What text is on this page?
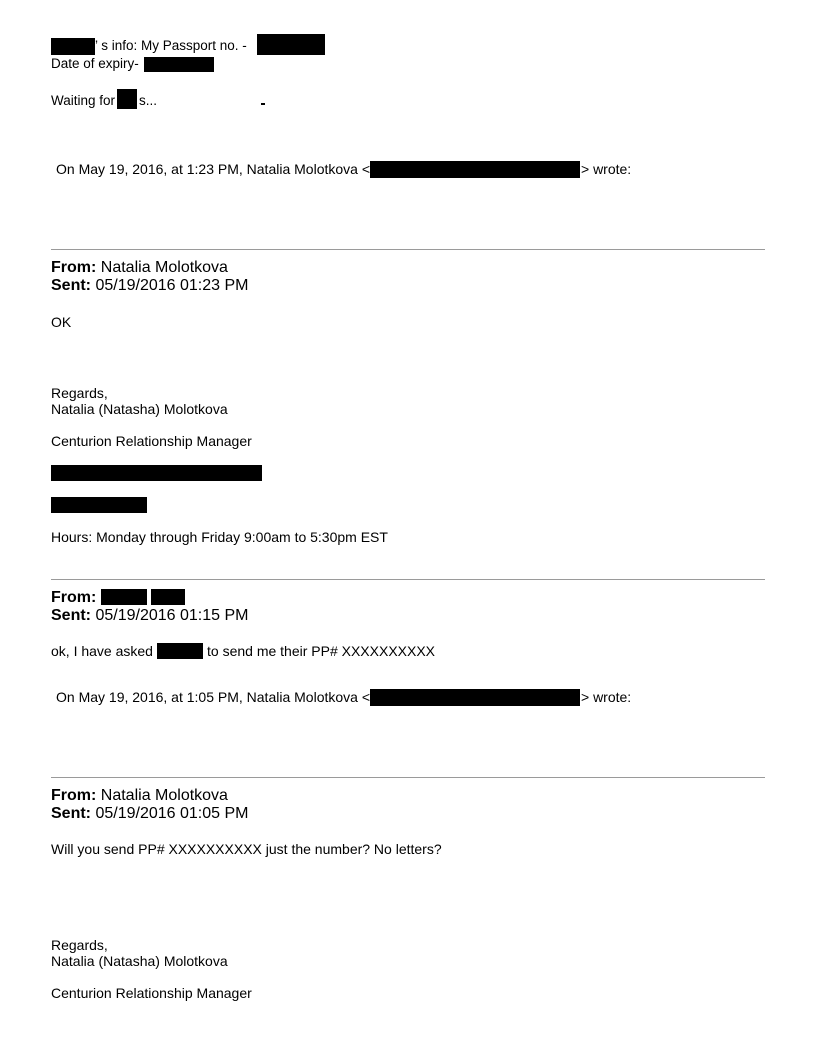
’ s info: My Passport no. -
Date of expiry-
Waiting for s...
On May 19, 2016, at 1:23 PM, Natalia Molotkova <	> wrote:
From: Natalia Molotkova
Sent: 05/19/2016 01:23 PM
OK
Regards,
Natalia (Natasha) Molotkova
Centurion Relationship Manager
Hours: Monday through Friday 9:00am to 5:30pm EST
From:
Sent: 05/19/2016 01:15 PM
ok, I have asked	to send me their PP# XXXXXXXXXX
On May 19, 2016, at 1:05 PM, Natalia Molotkova <	> wrote:
From: Natalia Molotkova
Sent: 05/19/2016 01:05 PM
Will you send PP# XXXXXXXXXX just the number? No letters?
Regards,
Natalia (Natasha) Molotkova
Centurion Relationship Manager
